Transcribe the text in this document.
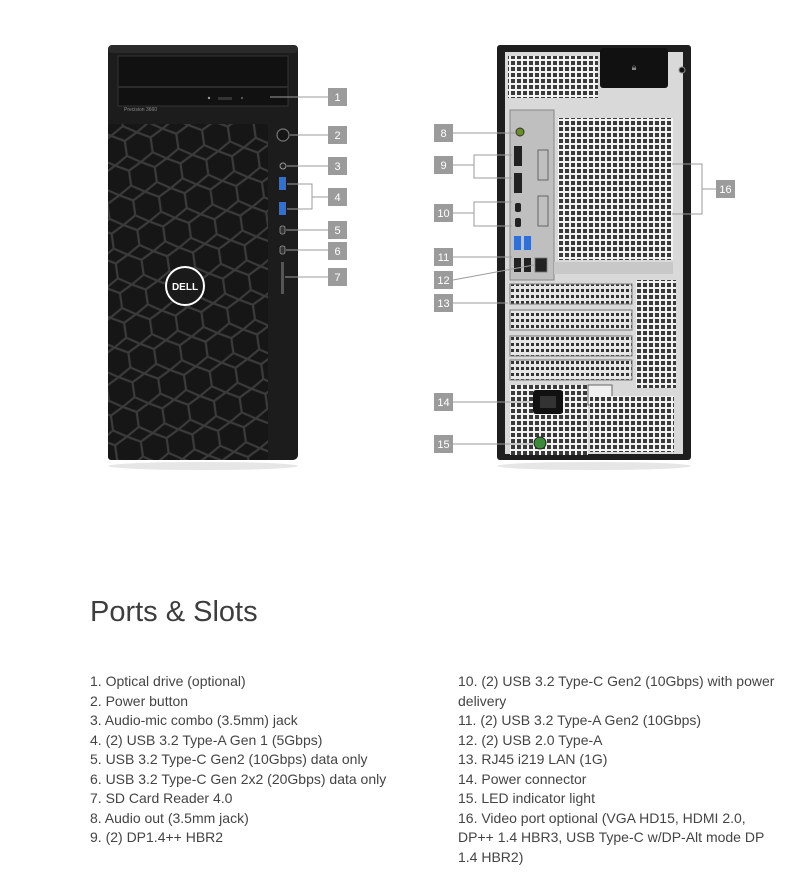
Precision 3660
DELL
1
2
3
4
5
6
7
🔒︎
8
9
10
11
12
13
14
15
16
Ports & Slots
1. Optical drive (optional)
2. Power button
3. Audio-mic combo (3.5mm) jack
4. (2) USB 3.2 Type-A Gen 1 (5Gbps)
5. USB 3.2 Type-C Gen2 (10Gbps) data only
6. USB 3.2 Type-C Gen 2x2 (20Gbps) data only
7. SD Card Reader 4.0
8. Audio out (3.5mm jack)
9. (2) DP1.4++ HBR2
10. (2) USB 3.2 Type-C Gen2 (10Gbps) with power delivery
11. (2) USB 3.2 Type-A Gen2 (10Gbps)
12. (2) USB 2.0 Type-A
13. RJ45 i219 LAN (1G)
14. Power connector
15. LED indicator light
16. Video port optional (VGA HD15, HDMI 2.0, DP++ 1.4 HBR3, USB Type-C w/DP-Alt mode DP 1.4 HBR2)
